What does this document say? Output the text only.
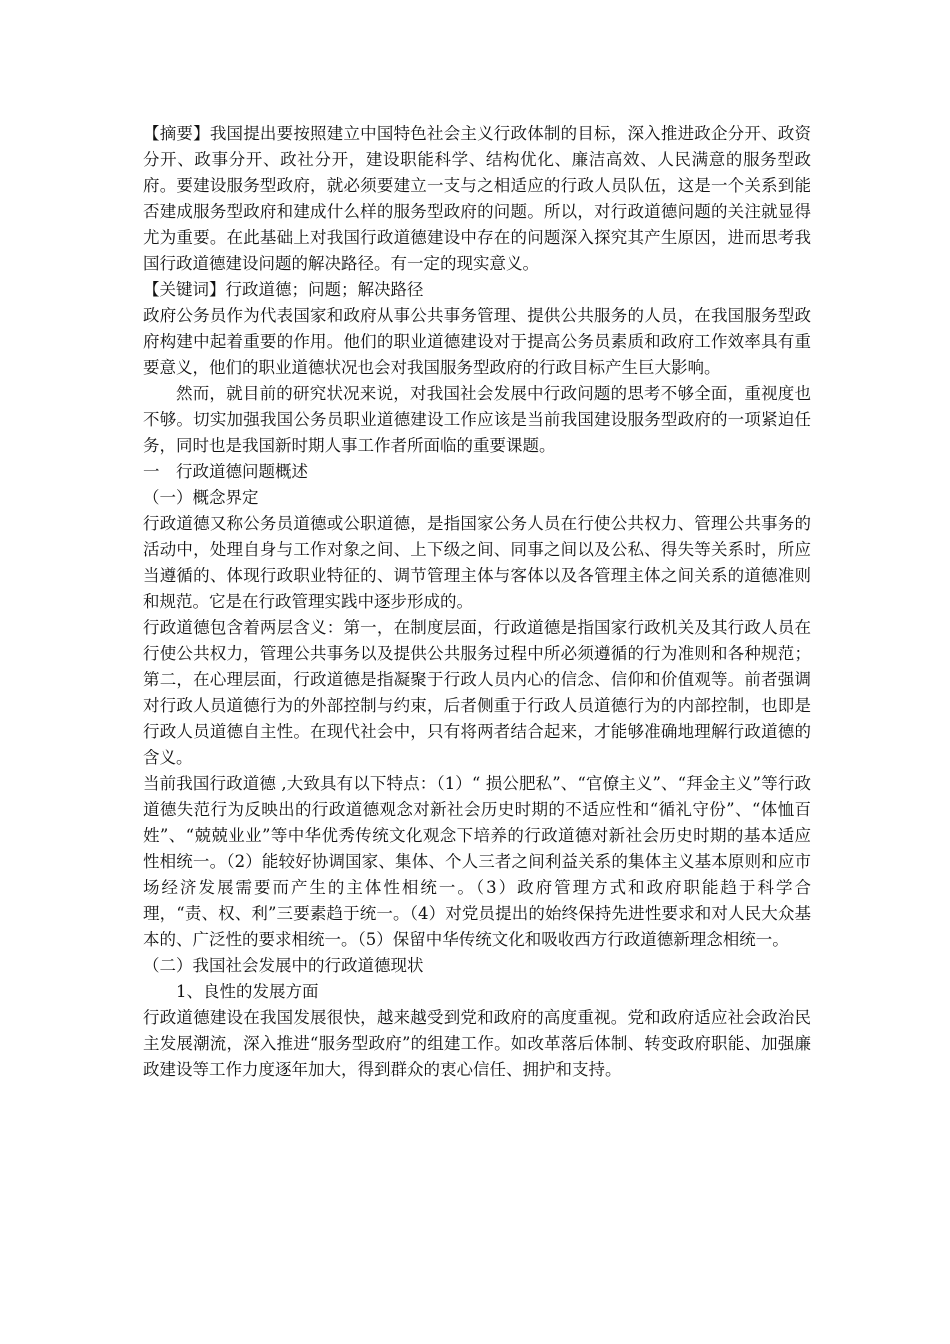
【摘要】我国提出要按照建立中国特色社会主义行政体制的目标，深入推进政企分开、政资分开、政事分开、政社分开，建设职能科学、结构优化、廉洁高效、人民满意的服务型政府。要建设服务型政府，就必须要建立一支与之相适应的行政人员队伍，这是一个关系到能否建成服务型政府和建成什么样的服务型政府的问题。所以，对行政道德问题的关注就显得尤为重要。在此基础上对我国行政道德建设中存在的问题深入探究其产生原因，进而思考我国行政道德建设问题的解决路径。有一定的现实意义。

【关键词】行政道德；问题；解决路径

政府公务员作为代表国家和政府从事公共事务管理、提供公共服务的人员，在我国服务型政府构建中起着重要的作用。他们的职业道德建设对于提高公务员素质和政府工作效率具有重要意义，他们的职业道德状况也会对我国服务型政府的行政目标产生巨大影响。

然而，就目前的研究状况来说，对我国社会发展中行政问题的思考不够全面，重视度也不够。切实加强我国公务员职业道德建设工作应该是当前我国建设服务型政府的一项紧迫任务，同时也是我国新时期人事工作者所面临的重要课题。

一　行政道德问题概述

（一）概念界定

行政道德又称公务员道德或公职道德，是指国家公务人员在行使公共权力、管理公共事务的活动中，处理自身与工作对象之间、上下级之间、同事之间以及公私、得失等关系时，所应当遵循的、体现行政职业特征的、调节管理主体与客体以及各管理主体之间关系的道德准则和规范。它是在行政管理实践中逐步形成的。

行政道德包含着两层含义：第一，在制度层面，行政道德是指国家行政机关及其行政人员在行使公共权力，管理公共事务以及提供公共服务过程中所必须遵循的行为准则和各种规范；第二，在心理层面，行政道德是指凝聚于行政人员内心的信念、信仰和价值观等。前者强调对行政人员道德行为的外部控制与约束，后者侧重于行政人员道德行为的内部控制，也即是行政人员道德自主性。在现代社会中，只有将两者结合起来，才能够准确地理解行政道德的含义。

当前我国行政道德 ,大致具有以下特点：（1）“ 损公肥私”、“官僚主义”、“拜金主义”等行政道德失范行为反映出的行政道德观念对新社会历史时期的不适应性和“循礼守份”、“体恤百姓”、“兢兢业业”等中华优秀传统文化观念下培养的行政道德对新社会历史时期的基本适应性相统一。（2）能较好协调国家、集体、个人三者之间利益关系的集体主义基本原则和应市场经济发展需要而产生的主体性相统一。（3）政府管理方式和政府职能趋于科学合理，“责、权、利”三要素趋于统一。（4）对党员提出的始终保持先进性要求和对人民大众基本的、广泛性的要求相统一。（5）保留中华传统文化和吸收西方行政道德新理念相统一。

（二）我国社会发展中的行政道德现状

1、良性的发展方面

行政道德建设在我国发展很快，越来越受到党和政府的高度重视。党和政府适应社会政治民主发展潮流，深入推进“服务型政府”的组建工作。如改革落后体制、转变政府职能、加强廉政建设等工作力度逐年加大，得到群众的衷心信任、拥护和支持。
